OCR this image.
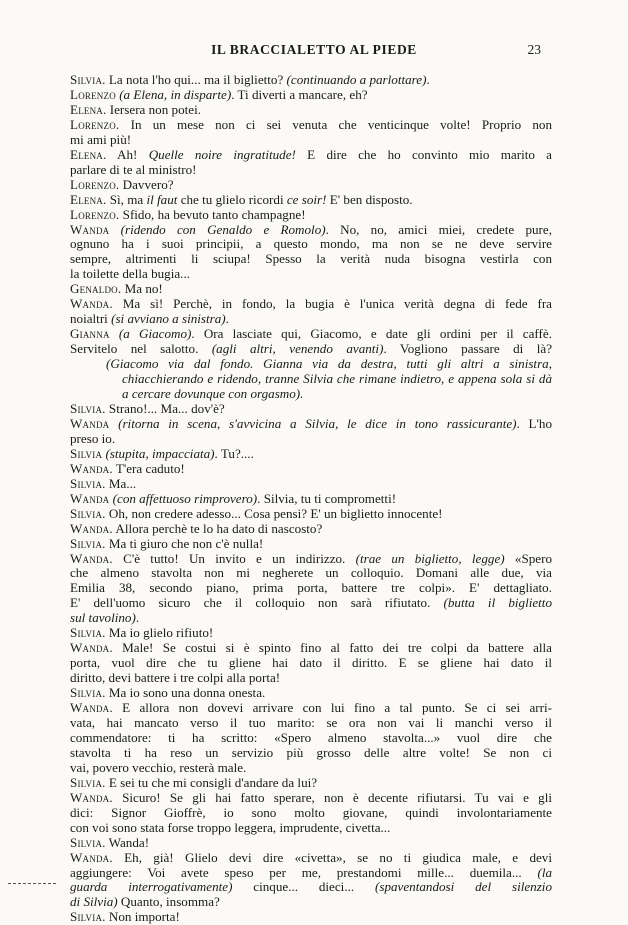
IL BRACCIALETTO AL PIEDE	23

Silvia. La nota l'ho qui... ma il biglietto? (continuando a parlottare).

Lorenzo (a Elena, in disparte). Ti diverti a mancare, eh?

Elena. Iersera non potei.

Lorenzo. In un mese non ci sei venuta che venticinque volte! Proprio non

mi ami più!

Elena. Ah! Quelle noire ingratitude! E dire che ho convinto mio marito a

parlare di te al ministro!

Lorenzo. Davvero?

Elena. Sì, ma il faut che tu glielo ricordi ce soir! E' ben disposto.

Lorenzo. Sfido, ha bevuto tanto champagne!

Wanda (ridendo con Genaldo e Romolo). No, no, amici miei, credete pure,

ognuno ha i suoi principii, a questo mondo, ma non se ne deve servire

sempre, altrimenti li sciupa! Spesso la verità nuda bisogna vestirla con

la toilette della bugia...

Genaldo. Ma no!

Wanda. Ma sì! Perchè, in fondo, la bugia è l'unica verità degna di fede fra

noialtri (si avviano a sinistra).

Gianna (a Giacomo). Ora lasciate qui, Giacomo, e date gli ordini per il caffè.

Servitelo nel salotto. (agli altri, venendo avanti). Vogliono passare di là?

(Giacomo via dal fondo. Gianna via da destra, tutti gli altri a sinistra, chiacchierando e ridendo, tranne Silvia che rimane indietro, e appena sola si dà a cercare dovunque con orgasmo).

Silvia. Strano!... Ma... dov'è?

Wanda (ritorna in scena, s'avvicina a Silvia, le dice in tono rassicurante). L'ho

preso io.

Silvia (stupita, impacciata). Tu?....

Wanda. T'era caduto!

Silvia. Ma...

Wanda (con affettuoso rimprovero). Silvia, tu ti comprometti!

Silvia. Oh, non credere adesso... Cosa pensi? E' un biglietto innocente!

Wanda. Allora perchè te lo ha dato di nascosto?

Silvia. Ma ti giuro che non c'è nulla!

Wanda. C'è tutto! Un invito e un indirizzo. (trae un biglietto, legge) «Spero

che almeno stavolta non mi negherete un colloquio. Domani alle due, via

Emilia 38, secondo piano, prima porta, battere tre colpi». E' dettagliato.

E' dell'uomo sicuro che il colloquio non sarà rifiutato. (butta il biglietto

sul tavolino).

Silvia. Ma io glielo rifiuto!

Wanda. Male! Se costui si è spinto fino al fatto dei tre colpi da battere alla

porta, vuol dire che tu gliene hai dato il diritto. E se gliene hai dato il

diritto, devi battere i tre colpi alla porta!

Silvia. Ma io sono una donna onesta.

Wanda. E allora non dovevi arrivare con lui fino a tal punto. Se ci sei arri-

vata, hai mancato verso il tuo marito: se ora non vai li manchi verso il

commendatore: ti ha scritto: «Spero almeno stavolta...» vuol dire che

stavolta ti ha reso un servizio più grosso delle altre volte! Se non ci

vai, povero vecchio, resterà male.

Silvia. E sei tu che mi consigli d'andare da lui?

Wanda. Sicuro! Se gli hai fatto sperare, non è decente rifiutarsi. Tu vai e gli

dici: Signor Gioffrè, io sono molto giovane, quindi involontariamente

con voi sono stata forse troppo leggera, imprudente, civetta...

Silvia. Wanda!

Wanda. Eh, già! Glielo devi dire «civetta», se no ti giudica male, e devi

aggiungere: Voi avete speso per me, prestandomi mille... duemila... (la

guarda interrogativamente) cinque... dieci... (spaventandosi del silenzio

di Silvia) Quanto, insomma?

Silvia. Non importa!
